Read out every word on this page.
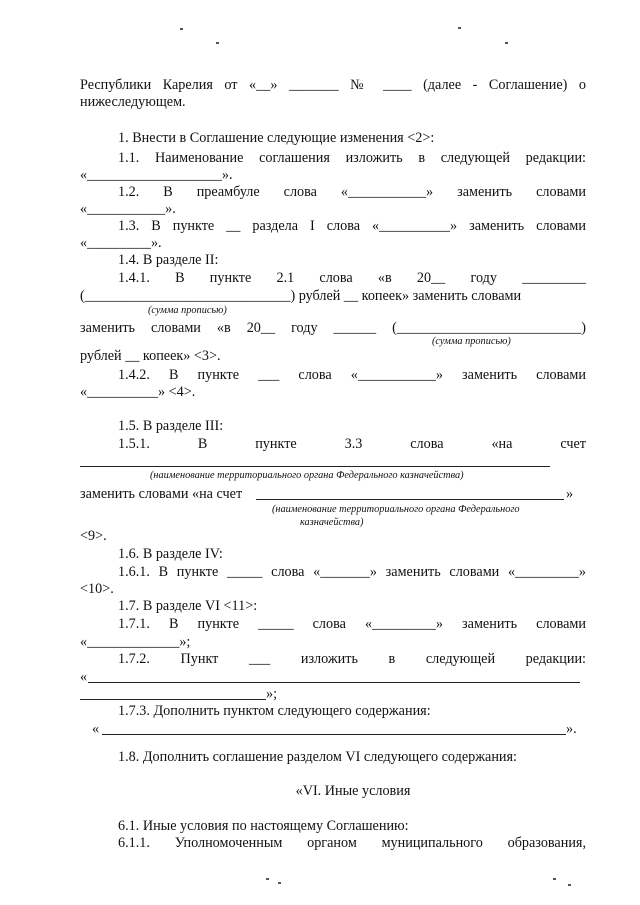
Республики Карелия от «__» _______ № ____ (далее - Соглашение) о
нижеследующем.
1. Внести в Соглашение следующие изменения <2>:
1.1. Наименование соглашения изложить в следующей редакции:
«___________________».
1.2. В преамбуле слова «___________» заменить словами
«___________».
1.3. В пункте __ раздела I слова «__________» заменить словами
«_________».
1.4. В разделе II:
1.4.1. В пункте 2.1 слова «в 20__ году _________
(_____________________________) рублей __ копеек» заменить словами
(сумма прописью)
заменить словами «в 20__ году ______ (__________________________)
(сумма прописью)
рублей __ копеек» <3>.
1.4.2. В пункте ___ слова «___________» заменить словами
«__________» <4>.
1.5. В разделе III:
1.5.1. В пункте 3.3 слова «на счет
(наименование территориального органа Федерального казначейства)
заменить словами «на счет	»
(наименование территориального органа Федерального
казначейства)
<9>.
1.6. В разделе IV:
1.6.1. В пункте _____ слова «_______» заменить словами «_________»
<10>.
1.7. В разделе VI <11>:
1.7.1. В пункте _____ слова «_________» заменить словами
«_____________»;
1.7.2. Пункт ___ изложить в следующей редакции:
«
»;
1.7.3. Дополнить пунктом следующего содержания:
«	».
1.8. Дополнить соглашение разделом VI следующего содержания:
«VI. Иные условия
6.1. Иные условия по настоящему Соглашению:
6.1.1. Уполномоченным органом муниципального образования,
